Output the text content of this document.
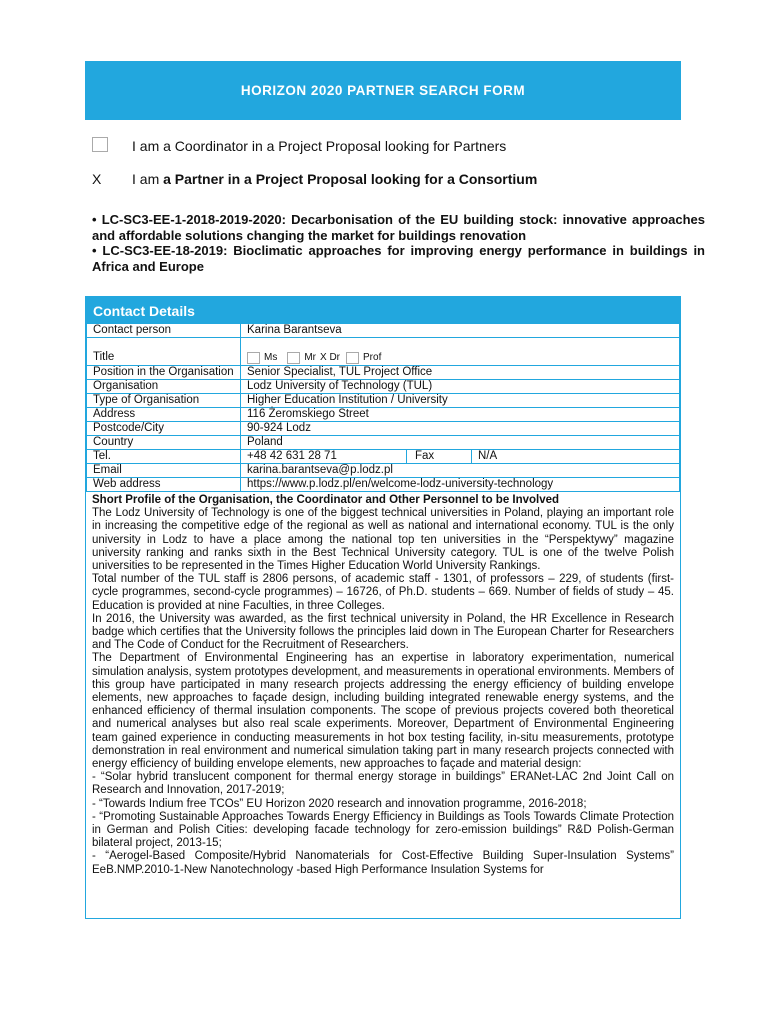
HORIZON 2020 PARTNER SEARCH FORM
I am a Coordinator in a Project Proposal looking for Partners
X	I am a Partner in a Project Proposal looking for a Consortium

• LC-SC3-EE-1-2018-2019-2020: Decarbonisation of the EU building stock: innovative approaches and affordable solutions changing the market for buildings renovation

• LC-SC3-EE-18-2019: Bioclimatic approaches for improving energy performance in buildings in Africa and Europe

Contact Details
Contact person	Karina Barantseva		
Title	Ms Mr X Dr Prof		

Position in the Organisation	Senior Specialist, TUL Project Office		
Organisation	Lodz University of Technology (TUL)		
Type of Organisation	Higher Education Institution / University		
Address	116 Żeromskiego Street		
Postcode/City	90-924 Lodz		
Country	Poland		
Tel.	+48 42 631 28 71	Fax	N/A
Email	karina.barantseva@p.lodz.pl		
Web address	https://www.p.lodz.pl/en/welcome-lodz-university-technology		
Short Profile of the Organisation, the Coordinator and Other Personnel to be Involved

The Lodz University of Technology is one of the biggest technical universities in Poland, playing an important role in increasing the competitive edge of the regional as well as national and international economy. TUL is the only university in Lodz to have a place among the national top ten universities in the “Perspektywy” magazine university ranking and ranks sixth in the Best Technical University category. TUL is one of the twelve Polish universities to be represented in the Times Higher Education World University Rankings.

Total number of the TUL staff is 2806 persons, of academic staff - 1301, of professors – 229, of students (first-cycle programmes, second-cycle programmes) – 16726, of Ph.D. students – 669. Number of fields of study – 45. Education is provided at nine Faculties, in three Colleges.

In 2016, the University was awarded, as the first technical university in Poland, the HR Excellence in Research badge which certifies that the University follows the principles laid down in The European Charter for Researchers and The Code of Conduct for the Recruitment of Researchers.

The Department of Environmental Engineering has an expertise in laboratory experimentation, numerical simulation analysis, system prototypes development, and measurements in operational environments. Members of this group have participated in many research projects addressing the energy efficiency of building envelope elements, new approaches to façade design, including building integrated renewable energy systems, and the enhanced efficiency of thermal insulation components. The scope of previous projects covered both theoretical and numerical analyses but also real scale experiments. Moreover, Department of Environmental Engineering team gained experience in conducting measurements in hot box testing facility, in-situ measurements, prototype demonstration in real environment and numerical simulation taking part in many research projects connected with energy efficiency of building envelope elements, new approaches to façade and material design:

- “Solar hybrid translucent component for thermal energy storage in buildings” ERANet-LAC 2nd Joint Call on Research and Innovation, 2017-2019;

- “Towards Indium free TCOs” EU Horizon 2020 research and innovation programme, 2016-2018;

- “Promoting Sustainable Approaches Towards Energy Efficiency in Buildings as Tools Towards Climate Protection in German and Polish Cities: developing facade technology for zero-emission buildings” R&D Polish-German bilateral project, 2013-15;

- “Aerogel-Based Composite/Hybrid Nanomaterials for Cost-Effective Building Super-Insulation Systems” EeB.NMP.2010-1-New Nanotechnology -based High Performance Insulation Systems for
